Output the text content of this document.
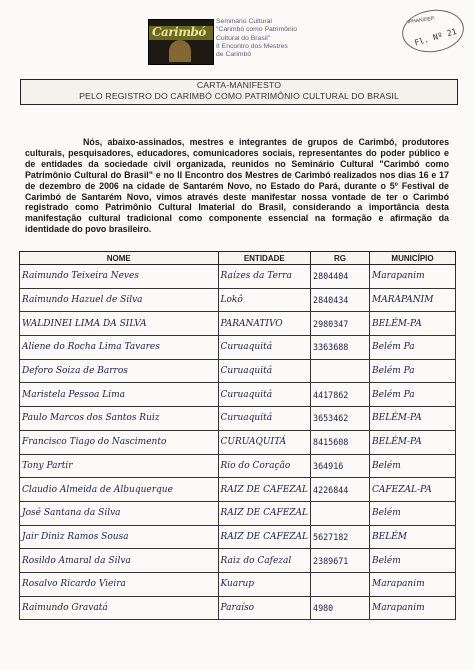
Carimbó
Seminário Cultural
"Carimbó como Patrimônio
Cultural do Brasil"
II Encontro dos Mestres
de Carimbó
IPHAN/DEP
Fl. Nº 21
CARTA-MANIFESTO
PELO REGISTRO DO CARIMBÓ COMO PATRIMÔNIO CULTURAL DO BRASIL
Nós, abaixo-assinados, mestres e integrantes de grupos de Carimbó, produtores culturais, pesquisadores, educadores, comunicadores sociais, representantes do poder público e de entidades da sociedade civil organizada, reunidos no Seminário Cultural "Carimbó como Patrimônio Cultural do Brasil" e no II Encontro dos Mestres de Carimbó realizados nos dias 16 e 17 de dezembro de 2006 na cidade de Santarém Novo, no Estado do Pará, durante o 5º Festival de Carimbó de Santarém Novo, vimos através deste manifestar nossa vontade de ter o Carimbó registrado como Patrimônio Cultural Imaterial do Brasil, considerando a importância desta manifestação cultural tradicional como componente essencial na formação e afirmação da identidade do povo brasileiro.
NOME	ENTIDADE	RG	MUNICÍPIO
Raimundo Teixeira Neves	Raízes da Terra	2804404	Marapanim
Raimundo Hazuel de Silva	Lokô	2840434	MARAPANIM
WALDINEI LIMA DA SILVA	PARANATIVO	2980347	BELÉM-PA
Aliene do Rocha Lima Tavares	Curuaquitá	3363688	Belém Pa
Deforo Soiza de Barros	Curuaquitá		Belém Pa
Maristela Pessoa Lima	Curuaquitá	4417862	Belém Pa
Paulo Marcos dos Santos Ruiz	Curuaquitá	3653462	BELÉM-PA
Francisco Tiago do Nascimento	CURUAQUITÁ	8415608	BELÉM-PA
Tony Partir	Rio do Coração	364916	Belém
Claudio Almeida de Albuquerque	RAIZ DE CAFEZAL	4226844	CAFEZAL-PA
José Santana da Silva	RAIZ DE CAFEZAL		Belém
Jair Diniz Ramos Sousa	RAIZ DE CAFEZAL	5627182	BELÉM
Rosildo Amaral da Silva	Raiz do Cafezal	2389671	Belém
Rosalvo Ricardo Vieira	Kuarup		Marapanim
Raimundo Gravatá	Paraíso	4980	Marapanim
